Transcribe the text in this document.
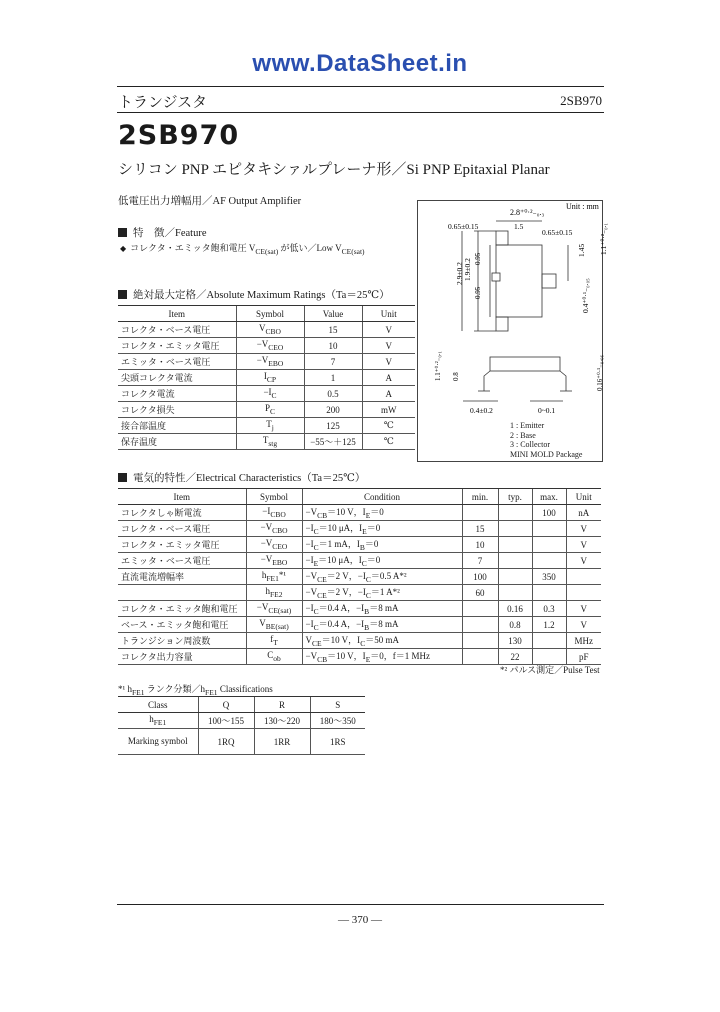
www.DataSheet.in
トランジスタ	2SB970
2SB970
シリコン PNP エピタキシァルプレーナ形／Si PNP Epitaxial Planar
低電圧出力増幅用／AF Output Amplifier
特　徴／Feature
◆ コレクタ・エミッタ飽和電圧 $V_{CE(sat)}$ が低い／Low $V_{CE(sat)}$
絶対最大定格／Absolute Maximum Ratings（Ta＝25℃）
Item	Symbol	Value	Unit
コレクタ・ベース電圧	$V_{CBO}$	15	V
コレクタ・エミッタ電圧	$-V_{CEO}$	10	V
エミッタ・ベース電圧	$-V_{EBO}$	7	V
尖頭コレクタ電流	$I_{CP}$	1	A
コレクタ電流	$-I_C$	0.5	A
コレクタ損失	$P_C$	200	mW
接合部温度	$T_j$	125	℃
保存温度	$T_{stg}$	−55～＋125	℃
Unit : mm
2.8⁺⁰·²₋₀.₃
0.65±0.15	1.5
0.65±0.15
2.9±0.2 1.9±0.2 0.95
0.95
1.45 1.1⁺⁰·²₋₀.₁
0.4⁺⁰·¹₋₀.₀₅
1.1⁺⁰·²₋₀.₁ 0.8
0.4±0.2	0~0.1
0.16⁺⁰·¹₋₀.₀₆
1 : Emitter
2 : Base
3 : Collector
MINI MOLD Package
電気的特性／Electrical Characteristics（Ta＝25℃）
Item	Symbol	Condition	min.	typ.	max.	Unit
コレクタしゃ断電流	$-I_{CBO}$	$-V_{CB}=10$ V，$I_E=0$			100	nA
コレクタ・ベース電圧	$-V_{CBO}$	$-I_C=10$ μA，$I_E=0$	15			V
コレクタ・エミッタ電圧	$-V_{CEO}$	$-I_C=1$ mA，$I_B=0$	10			V
エミッタ・ベース電圧	$-V_{EBO}$	$-I_E=10$ μA，$I_C=0$	7			V
直流電流増幅率	$h_{FE1}*^1$	$-V_{CE}=2$ V，$-I_C=0.5$ A*²	100		350	
	$h_{FE2}$	$-V_{CE}=2$ V，$-I_C=1$ A*²	60			
コレクタ・エミッタ飽和電圧	$-V_{CE(sat)}$	$-I_C=0.4$ A，$-I_B=8$ mA		0.16	0.3	V
ベース・エミッタ飽和電圧	$V_{BE(sat)}$	$-I_C=0.4$ A，$-I_B=8$ mA		0.8	1.2	V
トランジション周波数	$f_T$	$V_{CE}=10$ V，$I_C=50$ mA		130		MHz
コレクタ出力容量	$C_{ob}$	$-V_{CB}=10$ V，$I_E=0$，f＝1 MHz		22		pF
*² パルス測定／Pulse Test
*¹ $h_{FE1}$ ランク分類$/h_{FE1}$ Classifications
Class	Q	R	S
$h_{FE1}$	100～155	130～220	180～350
Marking symbol	1RQ	1RR	1RS
— 370 —
